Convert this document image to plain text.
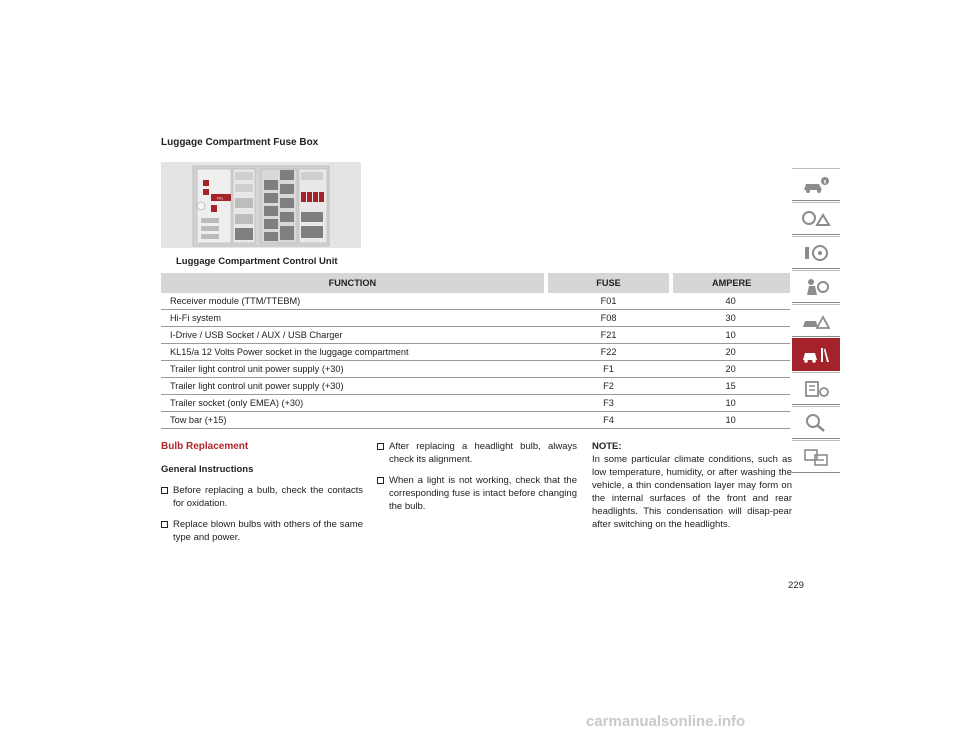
Luggage Compartment Fuse Box
F01
Luggage Compartment Control Unit
FUNCTION	FUSE	AMPERE
Receiver module (TTM/TTEBM)	F01	40
Hi-Fi system	F08	30
I-Drive / USB Socket / AUX / USB Charger	F21	10
KL15/a 12 Volts Power socket in the luggage compartment	F22	20
Trailer light control unit power supply (+30)	F1	20
Trailer light control unit power supply (+30)	F2	15
Trailer socket (only EMEA) (+30)	F3	10
Tow bar (+15)	F4	10
Bulb Replacement
General Instructions
Before replacing a bulb, check the contacts for oxidation.
Replace blown bulbs with others of the same type and power.
After replacing a headlight bulb, always check its alignment.
When a light is not working, check that the corresponding fuse is intact before changing the bulb.
NOTE:

In some particular climate conditions, such as low temperature, humidity, or after washing the vehicle, a thin condensation layer may form on the internal surfaces of the front and rear headlights. This condensation will disap-pear after switching on the headlights.

229
carmanualsonline.info
